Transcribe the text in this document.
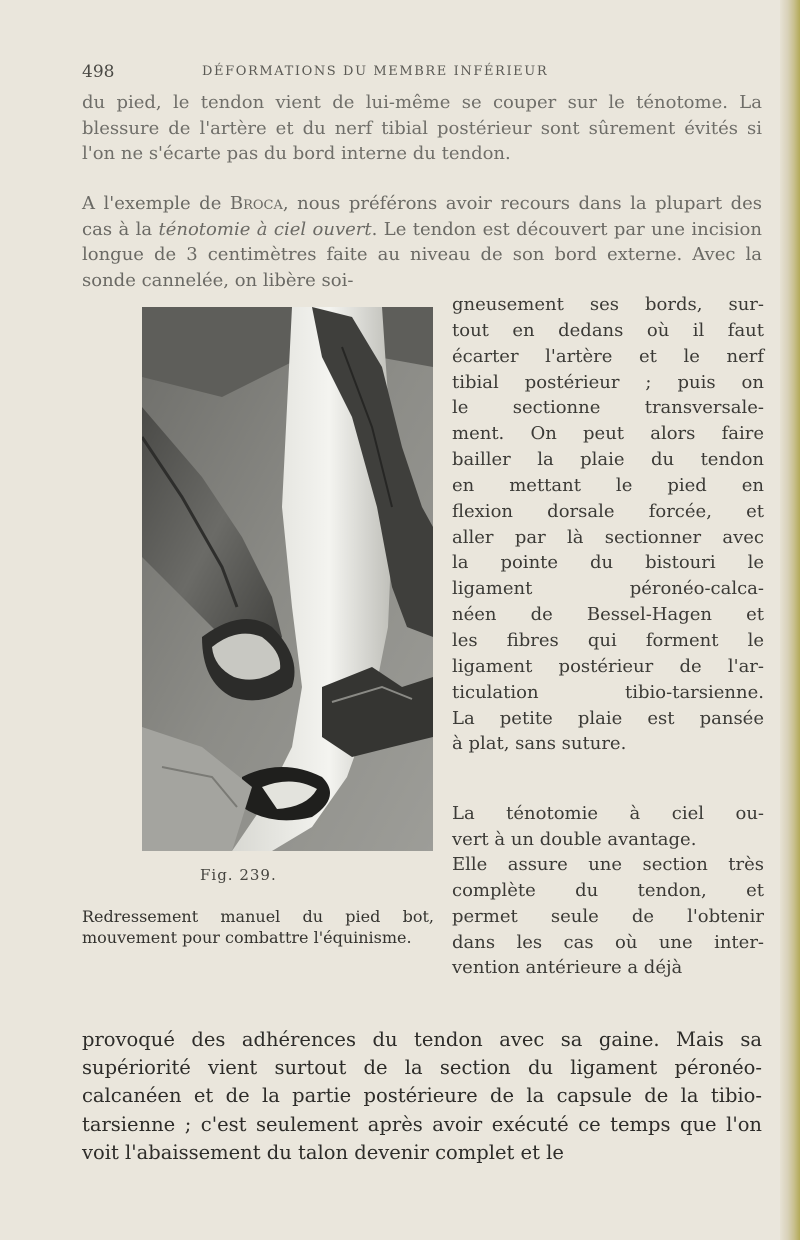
498	DÉFORMATIONS DU MEMBRE INFÉRIEUR

du pied, le tendon vient de lui-même se couper sur le ténotome. La blessure de l'artère et du nerf tibial postérieur sont sûrement évités si l'on ne s'écarte pas du bord interne du tendon.

A l'exemple de Broca, nous préférons avoir recours dans la plupart des cas à la ténotomie à ciel ouvert. Le tendon est découvert par une incision longue de 3 centimètres faite au niveau de son bord externe. Avec la sonde cannelée, on libère soi-

gneusement ses bords, sur-
tout en dedans où il faut
écarter l'artère et le nerf
tibial postérieur ; puis on
le sectionne transversale-
ment. On peut alors faire
bailler la plaie du tendon
en mettant le pied en
flexion dorsale forcée, et
aller par là sectionner avec
la pointe du bistouri le
ligament péronéo-calca-
néen de Bessel-Hagen et
les fibres qui forment le
ligament postérieur de l'ar-
ticulation tibio-tarsienne.
La petite plaie est pansée
à plat, sans suture.
La ténotomie à ciel ou-
vert à un double avantage.
Elle assure une section très
complète du tendon, et
permet seule de l'obtenir
dans les cas où une inter-
vention antérieure a déjà
Fig. 239.

Redressement manuel du pied bot, mouvement pour combattre l'équinisme.

provoqué des adhérences du tendon avec sa gaine. Mais sa supériorité vient surtout de la section du ligament péronéo-calcanéen et de la partie postérieure de la capsule de la tibio-tarsienne ; c'est seulement après avoir exécuté ce temps que l'on voit l'abaissement du talon devenir complet et le
